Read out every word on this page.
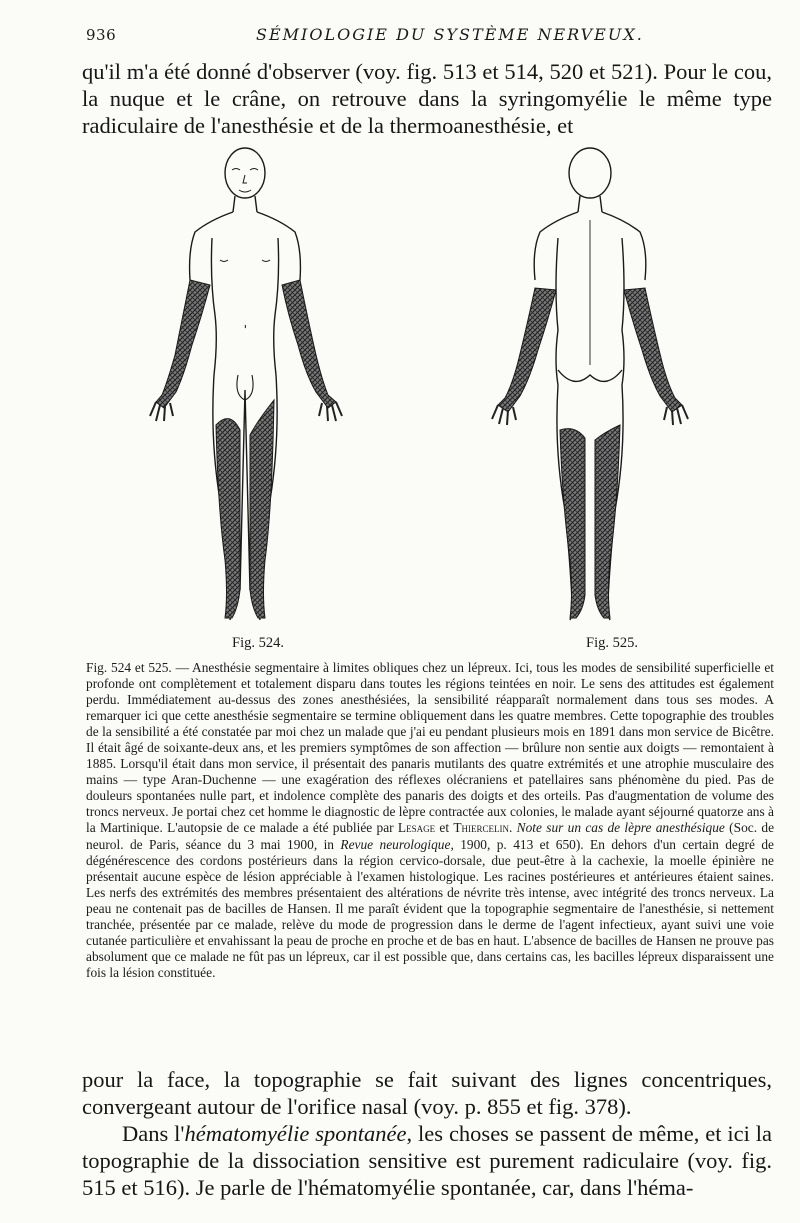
936	SÉMIOLOGIE DU SYSTÈME NERVEUX.

qu'il m'a été donné d'observer (voy. fig. 513 et 514, 520 et 521). Pour le cou, la nuque et le crâne, on retrouve dans la syringomyélie le même type radiculaire de l'anesthésie et de la thermoanesthésie, et

Fig. 524.	Fig. 525.
Fig. 524 et 525. — Anesthésie segmentaire à limites obliques chez un lépreux. Ici, tous les modes de sensibilité superficielle et profonde ont complètement et totalement disparu dans toutes les régions teintées en noir. Le sens des attitudes est également perdu. Immédiatement au-dessus des zones anesthésiées, la sensibilité réapparaît normalement dans tous ses modes. A remarquer ici que cette anesthésie segmentaire se termine obliquement dans les quatre membres. Cette topographie des troubles de la sensibilité a été constatée par moi chez un malade que j'ai eu pendant plusieurs mois en 1891 dans mon service de Bicêtre. Il était âgé de soixante-deux ans, et les premiers symptômes de son affection — brûlure non sentie aux doigts — remontaient à 1885. Lorsqu'il était dans mon service, il présentait des panaris mutilants des quatre extrémités et une atrophie musculaire des mains — type Aran-Duchenne — une exagération des réflexes olécraniens et patellaires sans phénomène du pied. Pas de douleurs spontanées nulle part, et indolence complète des panaris des doigts et des orteils. Pas d'augmentation de volume des troncs nerveux. Je portai chez cet homme le diagnostic de lèpre contractée aux colonies, le malade ayant séjourné quatorze ans à la Martinique. L'autopsie de ce malade a été publiée par Lesage et Thiercelin. Note sur un cas de lèpre anesthésique (Soc. de neurol. de Paris, séance du 3 mai 1900, in Revue neurologique, 1900, p. 413 et 650). En dehors d'un certain degré de dégénérescence des cordons postérieurs dans la région cervico-dorsale, due peut-être à la cachexie, la moelle épinière ne présentait aucune espèce de lésion appréciable à l'examen histologique. Les racines postérieures et antérieures étaient saines. Les nerfs des extrémités des membres présentaient des altérations de névrite très intense, avec intégrité des troncs nerveux. La peau ne contenait pas de bacilles de Hansen. Il me paraît évident que la topographie segmentaire de l'anesthésie, si nettement tranchée, présentée par ce malade, relève du mode de progression dans le derme de l'agent infectieux, ayant suivi une voie cutanée particulière et envahissant la peau de proche en proche et de bas en haut. L'absence de bacilles de Hansen ne prouve pas absolument que ce malade ne fût pas un lépreux, car il est possible que, dans certains cas, les bacilles lépreux disparaissent une fois la lésion constituée.

pour la face, la topographie se fait suivant des lignes concentriques, convergeant autour de l'orifice nasal (voy. p. 855 et fig. 378).

Dans l'hématomyélie spontanée, les choses se passent de même, et ici la topographie de la dissociation sensitive est purement radiculaire (voy. fig. 515 et 516). Je parle de l'hématomyélie spontanée, car, dans l'héma-
